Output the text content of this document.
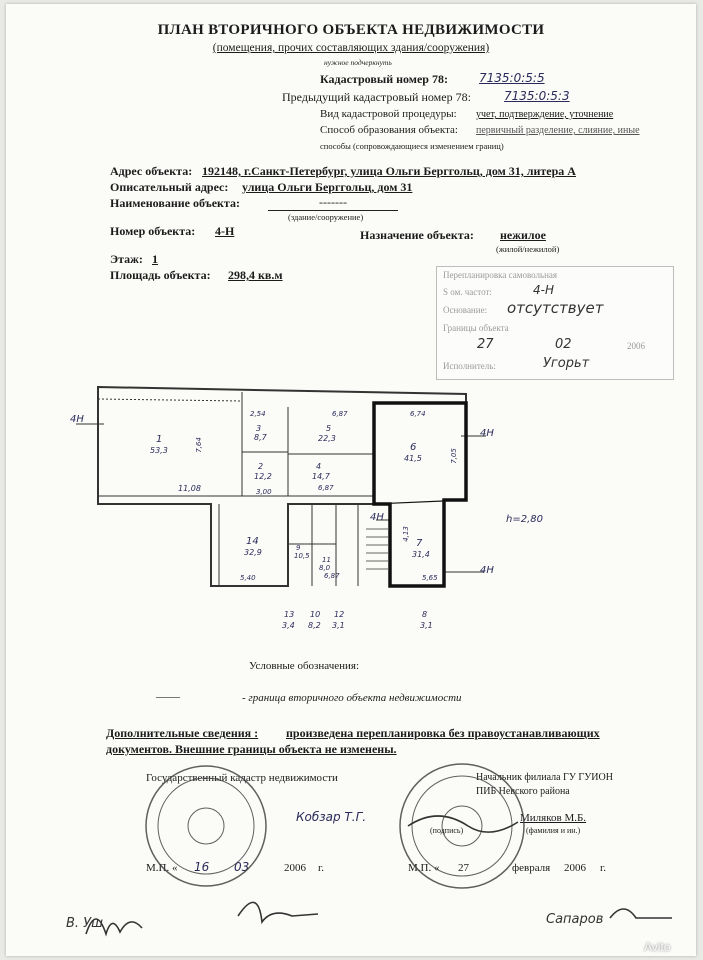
ПЛАН ВТОРИЧНОГО ОБЪЕКТА НЕДВИЖИМОСТИ
(помещения, прочих составляющих здания/сооружения)
нужное подчеркнуть
Кадастровый номер 78:	7135:0:5:5
Предыдущий кадастровый номер 78:	7135:0:5:3
Вид кадастровой процедуры: учет, подтверждение, уточнение
Способ образования объекта: первичный разделение, слияние, иные
способы (сопровождающиеся изменением границ)
Адрес объекта: 192148, г.Санкт-Петербург, улица Ольги Берггольц, дом 31, литера А
Описательный адрес: улица Ольги Берггольц, дом 31
Наименование объекта:	-------
(здание/сооружение)
Номер объекта: 4-Н	Назначение объекта: нежилое
(жилой/нежилой)
Этаж: 1
Площадь объекта: 298,4 кв.м	Перепланировка самовольная
Ѕ ом. частот:	4-Н
Основание: отсутствует
Границы объекта
27	02	2006
Исполнитель:	Угорьт
4Н
4Н
4Н
4Н	h=2,80
1
53,3
3
8,7
5
22,3
2
12,2
4
14,7
6
41,5
14
32,9
7
31,4
9
10,5 11
8,0
7,64
11,08
6,74
6,87
6,87
3,00
5,40	5,65
6,87
2,54
7,05
4,13
13
3,4
10
8,2
12
3,1
8
3,1
Условные обозначения:
——	- граница вторичного объекта недвижимости
Дополнительные сведения : произведена перепланировка без правоустанавливающих
документов. Внешние границы объекта не изменены.
Государственный кадастр недвижимости
Кобзар Т.Г.
М.П. « 16 03	2006 г.
Начальник филиала ГУ ГУИОН
ПИБ Невского района
Миляков М.Б.
(фамилия и ин.)
(подпись)
М.П. « 27	февраля 2006 г.
В. Уш	Сапаров
Avito
